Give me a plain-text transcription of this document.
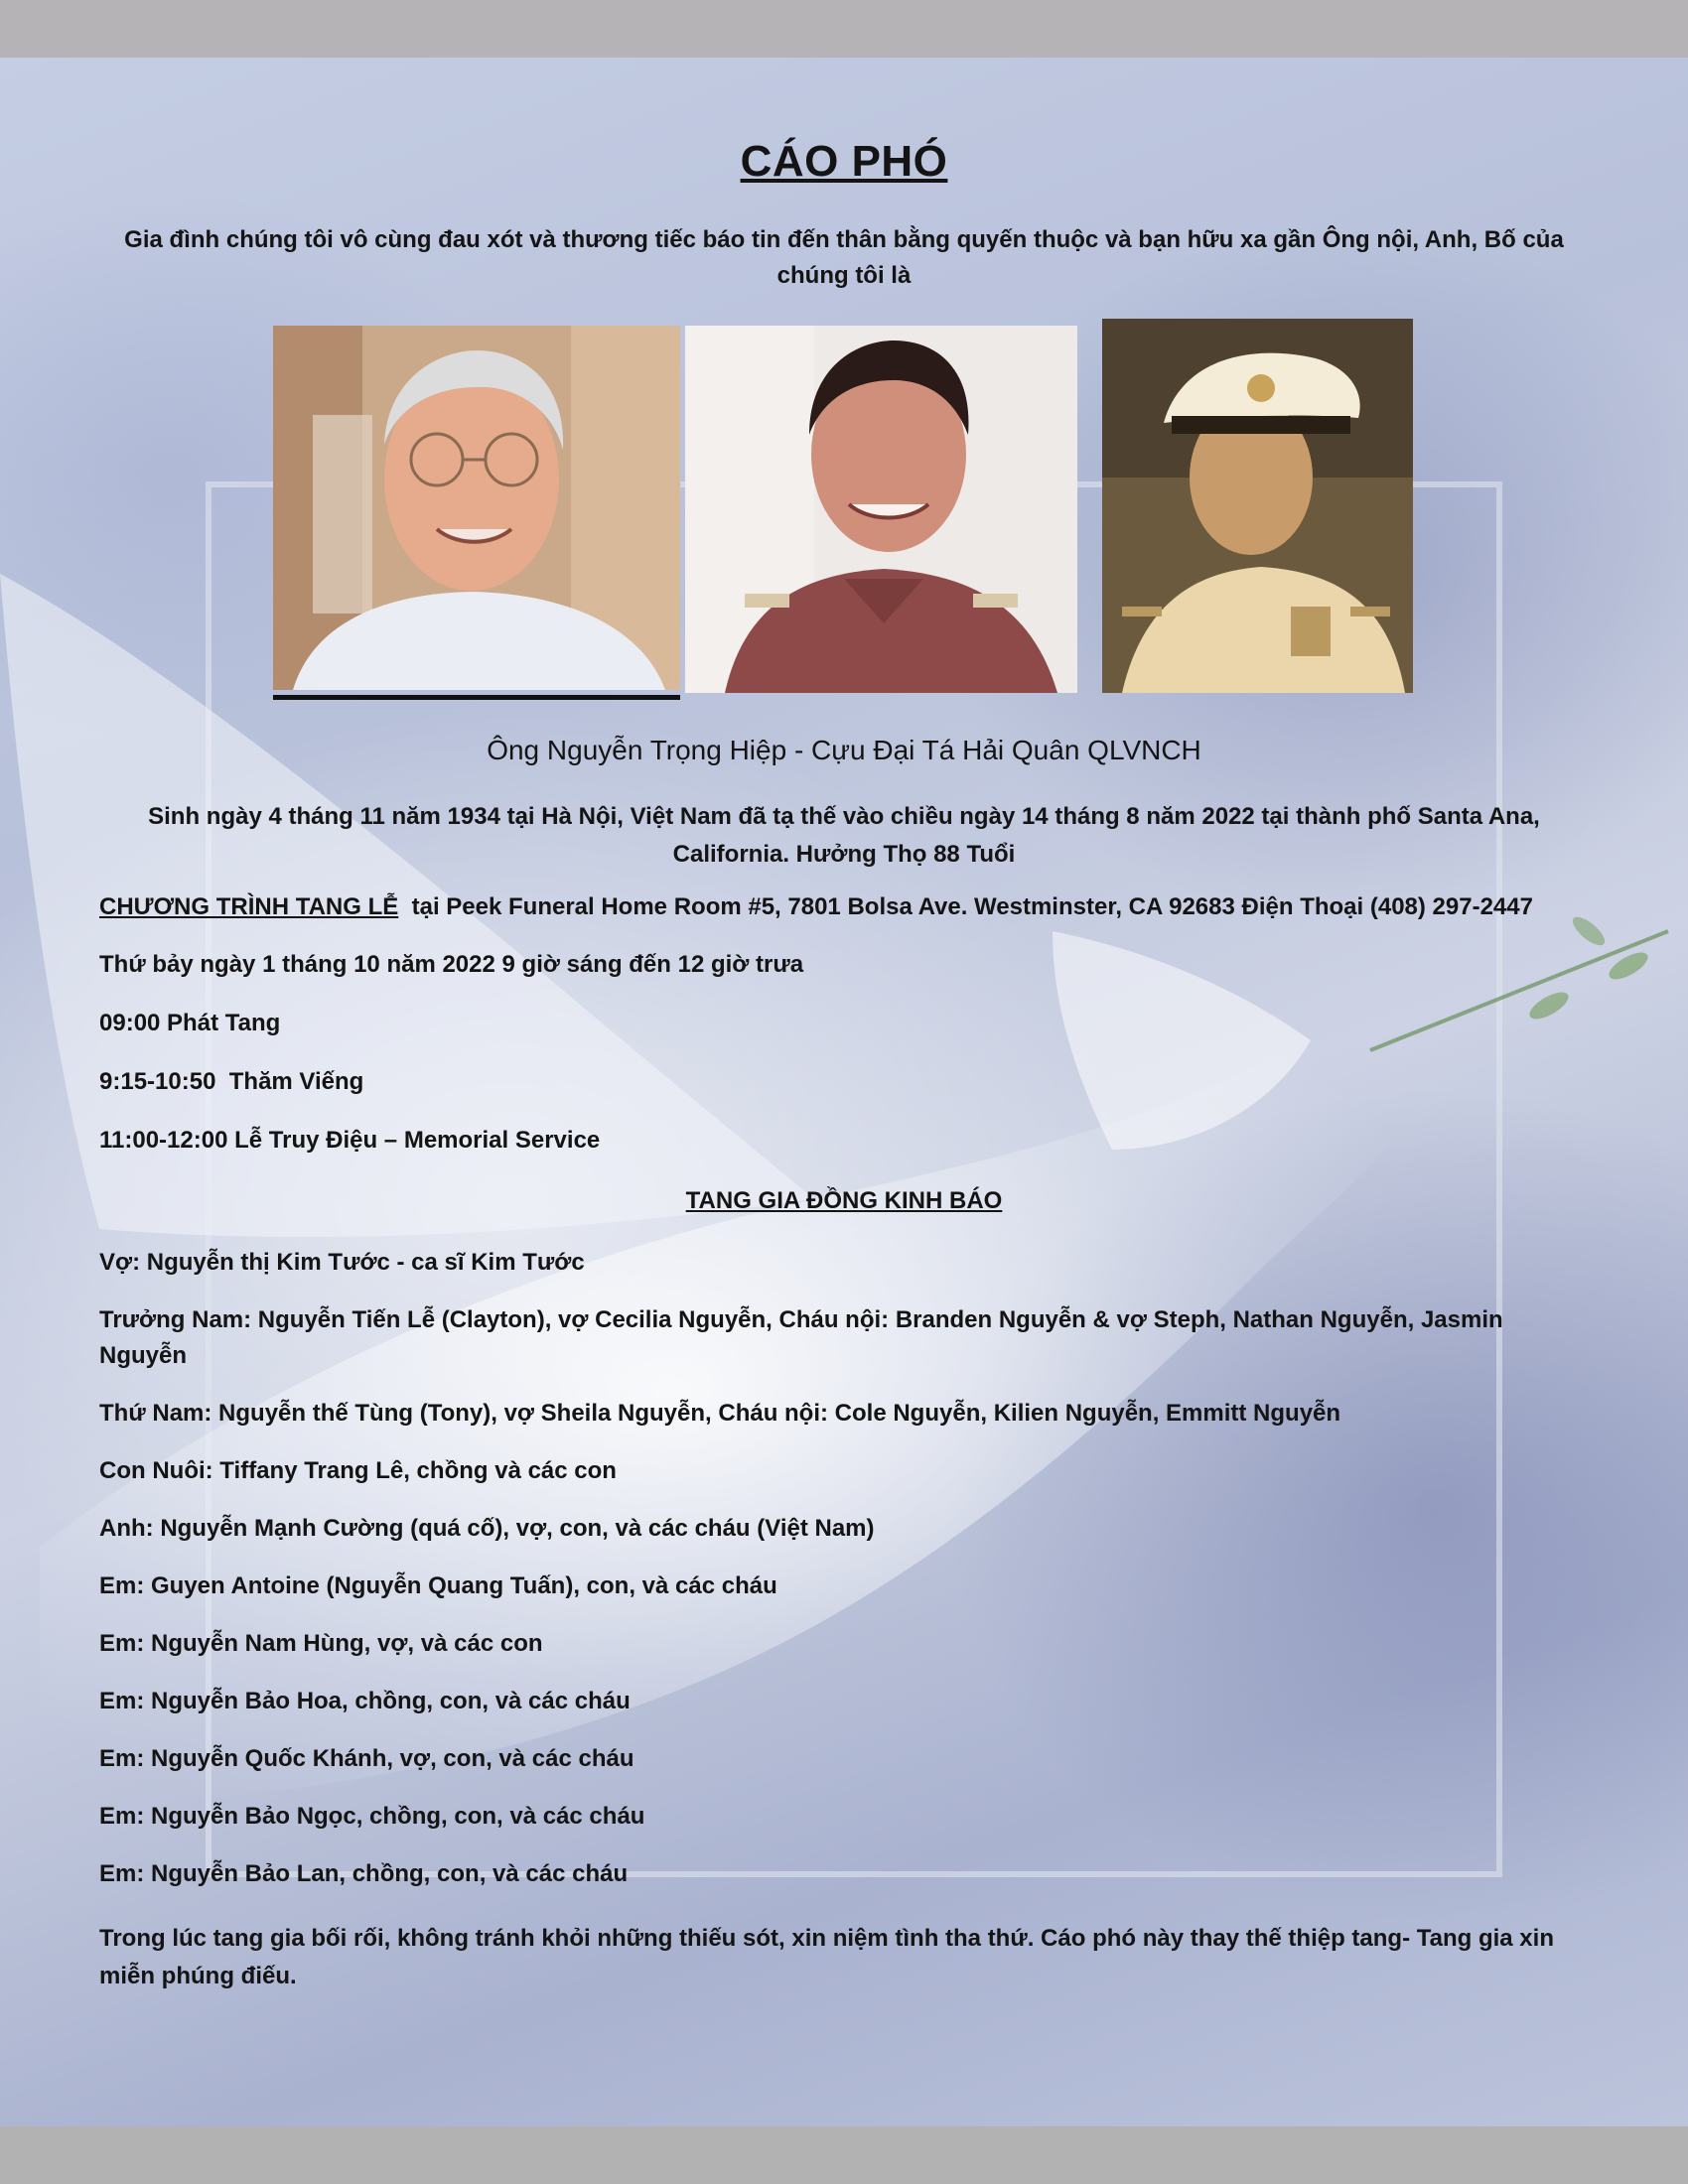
CÁO PHÓ
Gia đình chúng tôi vô cùng đau xót và thương tiếc báo tin đến thân bằng quyến thuộc và bạn hữu xa gần Ông nội, Anh, Bố của chúng tôi là
Ông Nguyễn Trọng Hiệp - Cựu Đại Tá Hải Quân QLVNCH
Sinh ngày 4 tháng 11 năm 1934 tại Hà Nội, Việt Nam đã tạ thế vào chiều ngày 14 tháng 8 năm 2022 tại thành phố Santa Ana, California. Hưởng Thọ 88 Tuổi
CHƯƠNG TRÌNH TANG LỄ  tại Peek Funeral Home Room #5, 7801 Bolsa Ave. Westminster, CA 92683 Điện Thoại (408) 297-2447
Thứ bảy ngày 1 tháng 10 năm 2022 9 giờ sáng đến 12 giờ trưa
09:00 Phát Tang
9:15-10:50  Thăm Viếng
11:00-12:00 Lễ Truy Điệu – Memorial Service
TANG GIA ĐỒNG KINH BÁO
Vợ: Nguyễn thị Kim Tước - ca sĩ Kim Tước
Trưởng Nam: Nguyễn Tiến Lễ (Clayton), vợ Cecilia Nguyễn, Cháu nội: Branden Nguyễn & vợ Steph, Nathan Nguyễn, Jasmin Nguyễn
Thứ Nam: Nguyễn thế Tùng (Tony), vợ Sheila Nguyễn, Cháu nội: Cole Nguyễn, Kilien Nguyễn, Emmitt Nguyễn
Con Nuôi: Tiffany Trang Lê, chồng và các con
Anh: Nguyễn Mạnh Cường (quá cố), vợ, con, và các cháu (Việt Nam)
Em: Guyen Antoine (Nguyễn Quang Tuấn), con, và các cháu
Em: Nguyễn Nam Hùng, vợ, và các con
Em: Nguyễn Bảo Hoa, chồng, con, và các cháu
Em: Nguyễn Quốc Khánh, vợ, con, và các cháu
Em: Nguyễn Bảo Ngọc, chồng, con, và các cháu
Em: Nguyễn Bảo Lan, chồng, con, và các cháu
Trong lúc tang gia bối rối, không tránh khỏi những thiếu sót, xin niệm tình tha thứ. Cáo phó này thay thế thiệp tang- Tang gia xin miễn phúng điếu.
